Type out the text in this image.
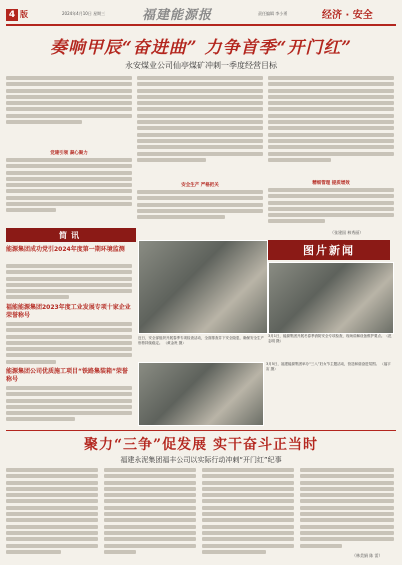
4 版	2024年4月10日 星期三	福建能源报	责任编辑 李小勇	经济 · 安全
奏响甲辰“奋进曲” 力争首季“开门红”
永安煤业公司仙亭煤矿冲刺一季度经营目标
党建引领 凝心聚力
安全生产 严格把关	精细管理 提质增效
（张建国 林秀丽）
简讯
能源集团成功党引2024年度第一期环境监测
福能能源集团2023年度工业发展专项十家企业荣誉称号
能源集团公司优质施工项目“铁路集装箱”荣誉称号
图片新闻
近日，安全部组织开展春季专项检查活动，全面排查井下安全隐患，确保安全生产形势持续稳定。 （黄金贵 摄）
3月1日，能源集团开展冬春季消防安全专项检查，现场讲解设备维护要点。（范志明 摄）
3月5日，福建能源集团举办“三八”妇女节主题活动，营造和谐奋进氛围。 （福宇宙 摄）
聚力“三争”促发展 实干奋斗正当时
福建永泥集团福丰公司以实际行动冲刺“开门红”纪事
（林美娟 陈 雷）
